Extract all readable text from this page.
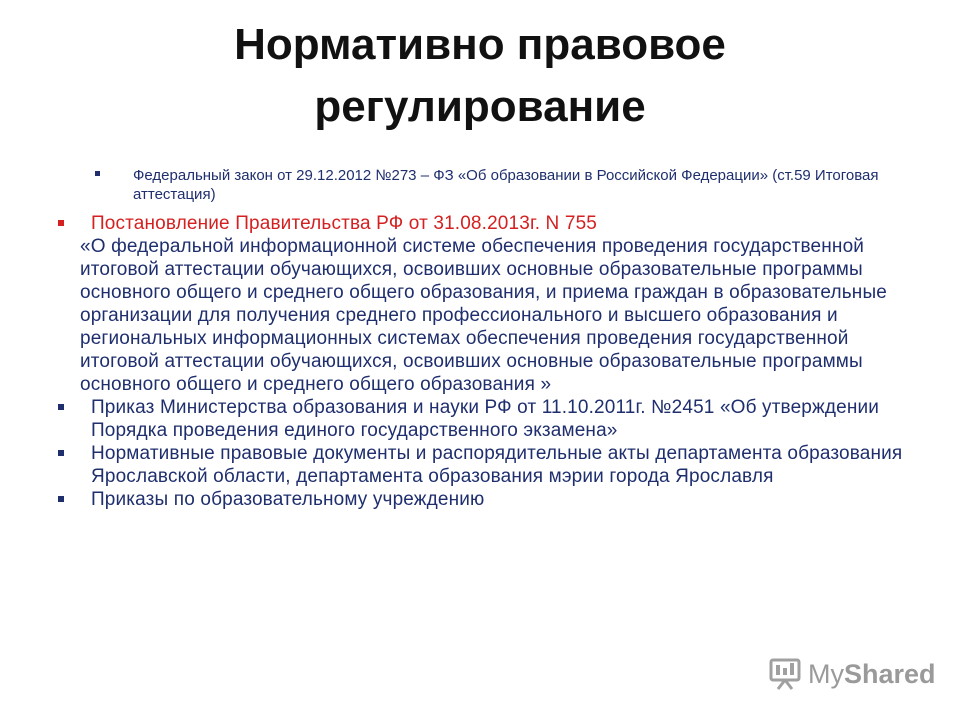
Нормативно правовое
регулирование
Федеральный закон от 29.12.2012 №273 – ФЗ «Об образовании в Российской Федерации» (ст.59 Итоговая аттестация)
Постановление Правительства РФ от 31.08.2013г. N 755
«О федеральной информационной системе обеспечения проведения государственной итоговой аттестации обучающихся, освоивших основные образовательные программы основного общего и среднего общего образования, и приема граждан в образовательные организации для получения среднего профессионального и высшего образования и региональных информационных системах обеспечения проведения государственной итоговой аттестации обучающихся, освоивших основные образовательные программы основного общего и среднего общего образования »
Приказ Министерства образования и науки РФ от 11.10.2011г. №2451 «Об утверждении Порядка проведения единого государственного экзамена»
Нормативные правовые документы и распорядительные акты департамента образования Ярославской области, департамента образования мэрии города Ярославля
Приказы по образовательному учреждению
MyShared
